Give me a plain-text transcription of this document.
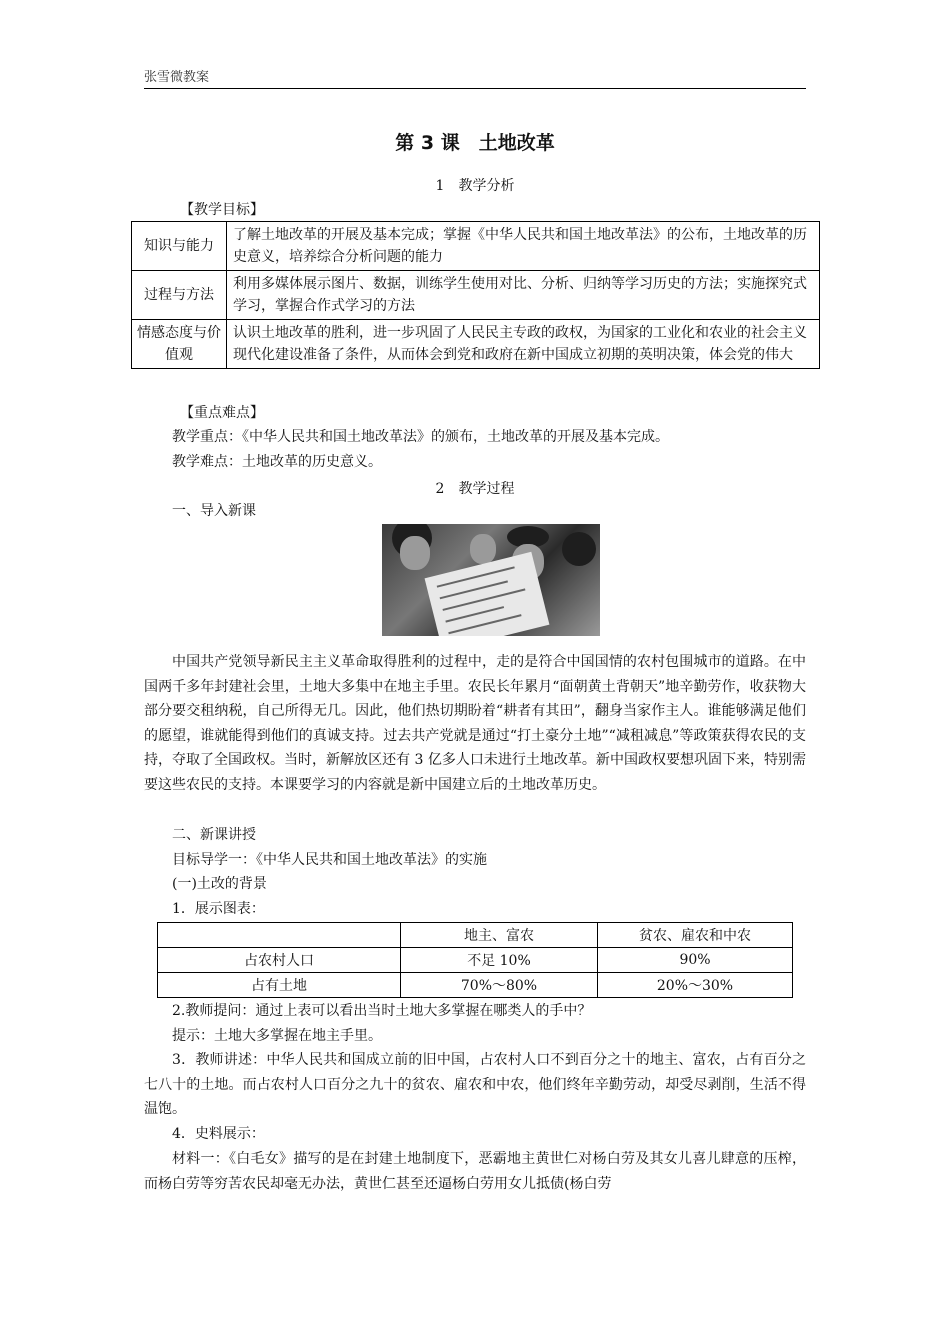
张雪微教案
第 3 课　土地改革
1　教学分析
【教学目标】
知识与能力	了解土地改革的开展及基本完成；掌握《中华人民共和国土地改革法》的公布，土地改革的历史意义，培养综合分析问题的能力
过程与方法	利用多媒体展示图片、数据，训练学生使用对比、分析、归纳等学习历史的方法；实施探究式学习，掌握合作式学习的方法
情感态度与价值观	认识土地改革的胜利，进一步巩固了人民民主专政的政权，为国家的工业化和农业的社会主义现代化建设准备了条件，从而体会到党和政府在新中国成立初期的英明决策，体会党的伟大
【重点难点】

教学重点：《中华人民共和国土地改革法》的颁布，土地改革的开展及基本完成。

教学难点：土地改革的历史意义。

2　教学过程

一、导入新课

中国共产党领导新民主主义革命取得胜利的过程中，走的是符合中国国情的农村包围城市的道路。在中国两千多年封建社会里，土地大多集中在地主手里。农民长年累月“面朝黄土背朝天”地辛勤劳作，收获物大部分要交租纳税，自己所得无几。因此，他们热切期盼着“耕者有其田”，翻身当家作主人。谁能够满足他们的愿望，谁就能得到他们的真诚支持。过去共产党就是通过“打土豪分土地”“减租减息”等政策获得农民的支持，夺取了全国政权。当时，新解放区还有 3 亿多人口未进行土地改革。新中国政权要想巩固下来，特别需要这些农民的支持。本课要学习的内容就是新中国建立后的土地改革历史。

二、新课讲授

目标导学一：《中华人民共和国土地改革法》的实施

(一)土改的背景

1．展示图表：

	地主、富农	贫农、雇农和中农
占农村人口	不足 10%	90%
占有土地	70%～80%	20%～30%

2.教师提问：通过上表可以看出当时土地大多掌握在哪类人的手中？

提示：土地大多掌握在地主手里。

3．教师讲述：中华人民共和国成立前的旧中国，占农村人口不到百分之十的地主、富农，占有百分之七八十的土地。而占农村人口百分之九十的贫农、雇农和中农，他们终年辛勤劳动，却受尽剥削，生活不得温饱。

4．史料展示：

材料一：《白毛女》描写的是在封建土地制度下，恶霸地主黄世仁对杨白劳及其女儿喜儿肆意的压榨，而杨白劳等穷苦农民却毫无办法，黄世仁甚至还逼杨白劳用女儿抵债(杨白劳
